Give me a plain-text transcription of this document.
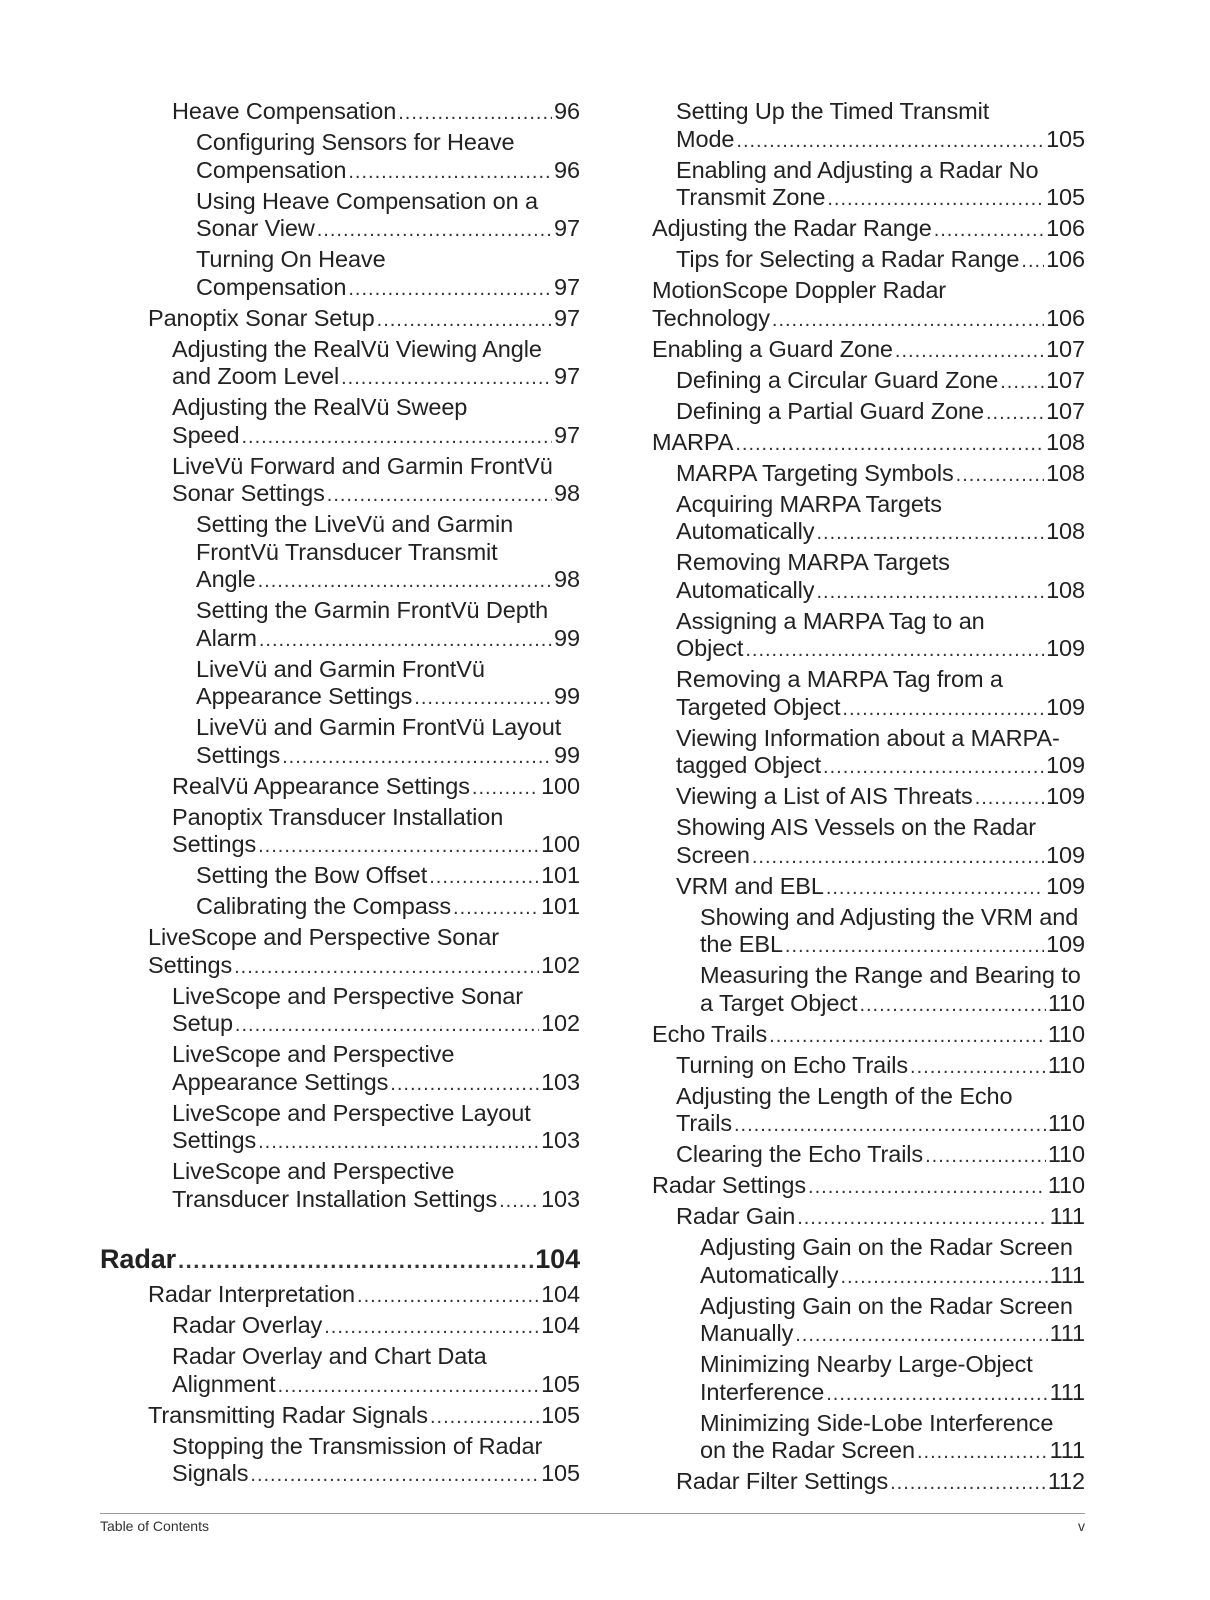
Heave Compensation .....	96
Configuring Sensors for Heave
Compensation .....	96
Using Heave Compensation on a
Sonar View .....	97
Turning On Heave
Compensation .....	97
Panoptix Sonar Setup .....	97
Adjusting the RealVü Viewing Angle
and Zoom Level .....	97
Adjusting the RealVü Sweep
Speed .....	97
LiveVü Forward and Garmin FrontVü
Sonar Settings .....	98
Setting the LiveVü and Garmin
FrontVü Transducer Transmit
Angle .....	98
Setting the Garmin FrontVü Depth
Alarm .....	99
LiveVü and Garmin FrontVü
Appearance Settings .....	99
LiveVü and Garmin FrontVü Layout
Settings .....	99
RealVü Appearance Settings .....	100
Panoptix Transducer Installation
Settings .....	100
Setting the Bow Offset .....	101
Calibrating the Compass .....	101
LiveScope and Perspective Sonar
Settings .....	102
LiveScope and Perspective Sonar
Setup .....	102
LiveScope and Perspective
Appearance Settings .....	103
LiveScope and Perspective Layout
Settings .....	103
LiveScope and Perspective
Transducer Installation Settings ..... 103
Radar .....	104
Radar Interpretation .....	104
Radar Overlay .....	104
Radar Overlay and Chart Data
Alignment .....	105
Transmitting Radar Signals .....	105
Stopping the Transmission of Radar
Signals .....	105
Setting Up the Timed Transmit
Mode .....	105
Enabling and Adjusting a Radar No
Transmit Zone .....	105
Adjusting the Radar Range .....	106
Tips for Selecting a Radar Range ..... 106
MotionScope Doppler Radar
Technology .....	106
Enabling a Guard Zone .....	107
Defining a Circular Guard Zone ..... 107
Defining a Partial Guard Zone .....	107
MARPA .....	108
MARPA Targeting Symbols .....	108
Acquiring MARPA Targets
Automatically .....	108
Removing MARPA Targets
Automatically .....	108
Assigning a MARPA Tag to an
Object .....	109
Removing a MARPA Tag from a
Targeted Object .....	109
Viewing Information about a MARPA-
tagged Object .....	109
Viewing a List of AIS Threats .....	109
Showing AIS Vessels on the Radar
Screen .....	109
VRM and EBL .....	109
Showing and Adjusting the VRM and
the EBL .....	109
Measuring the Range and Bearing to
a Target Object .....	110
Echo Trails .....	110
Turning on Echo Trails .....	110
Adjusting the Length of the Echo
Trails .....	110
Clearing the Echo Trails .....	110
Radar Settings .....	110
Radar Gain .....	111
Adjusting Gain on the Radar Screen
Automatically .....	111
Adjusting Gain on the Radar Screen
Manually .....	111
Minimizing Nearby Large-Object
Interference .....	111
Minimizing Side-Lobe Interference
on the Radar Screen .....	111
Radar Filter Settings .....	112
Table of Contents	v
